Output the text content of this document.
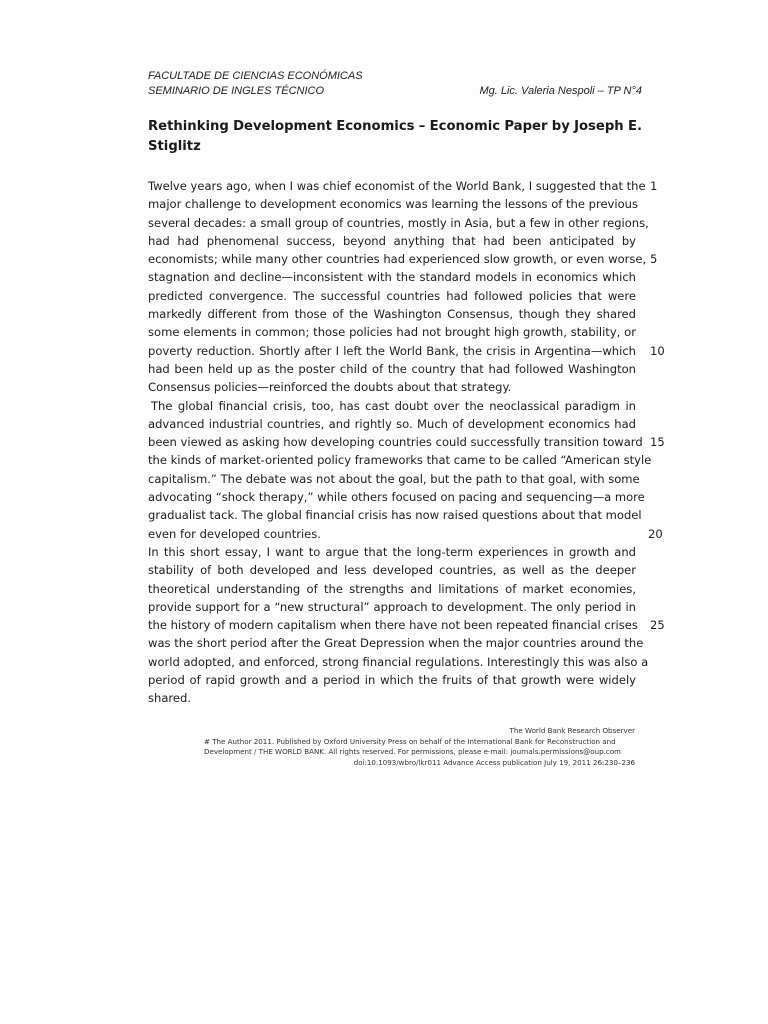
FACULTADE DE CIENCIAS ECONÓMICAS
SEMINARIO DE INGLES TÉCNICO	Mg. Lic. Valeria Nespoli – TP N°4
Rethinking Development Economics – Economic Paper by Joseph E.
Stiglitz
Twelve years ago, when I was chief economist of the World Bank, I suggested that the
major challenge to development economics was learning the lessons of the previous
several decades: a small group of countries, mostly in Asia, but a few in other regions,
had had phenomenal success, beyond anything that had been anticipated by
economists; while many other countries had experienced slow growth, or even worse,
stagnation and decline—inconsistent with the standard models in economics which
predicted convergence. The successful countries had followed policies that were
markedly different from those of the Washington Consensus, though they shared
some elements in common; those policies had not brought high growth, stability, or
poverty reduction. Shortly after I left the World Bank, the crisis in Argentina—which
had been held up as the poster child of the country that had followed Washington
Consensus policies—reinforced the doubts about that strategy.
The global financial crisis, too, has cast doubt over the neoclassical paradigm in
advanced industrial countries, and rightly so. Much of development economics had
been viewed as asking how developing countries could successfully transition toward
the kinds of market-oriented policy frameworks that came to be called “American style
capitalism.” The debate was not about the goal, but the path to that goal, with some
advocating “shock therapy,” while others focused on pacing and sequencing—a more
gradualist tack. The global financial crisis has now raised questions about that model
even for developed countries.
In this short essay, I want to argue that the long-term experiences in growth and
stability of both developed and less developed countries, as well as the deeper
theoretical understanding of the strengths and limitations of market economies,
provide support for a “new structural” approach to development. The only period in
the history of modern capitalism when there have not been repeated financial crises
was the short period after the Great Depression when the major countries around the
world adopted, and enforced, strong financial regulations. Interestingly this was also a
period of rapid growth and a period in which the fruits of that growth were widely
shared.
1
5
10
15
20
25
The World Bank Research Observer
# The Author 2011. Published by Oxford University Press on behalf of the International Bank for Reconstruction and
Development / THE WORLD BANK. All rights reserved. For permissions, please e-mail: journals.permissions@oup.com
doi:10.1093/wbro/lkr011 Advance Access publication July 19, 2011 26:230–236
